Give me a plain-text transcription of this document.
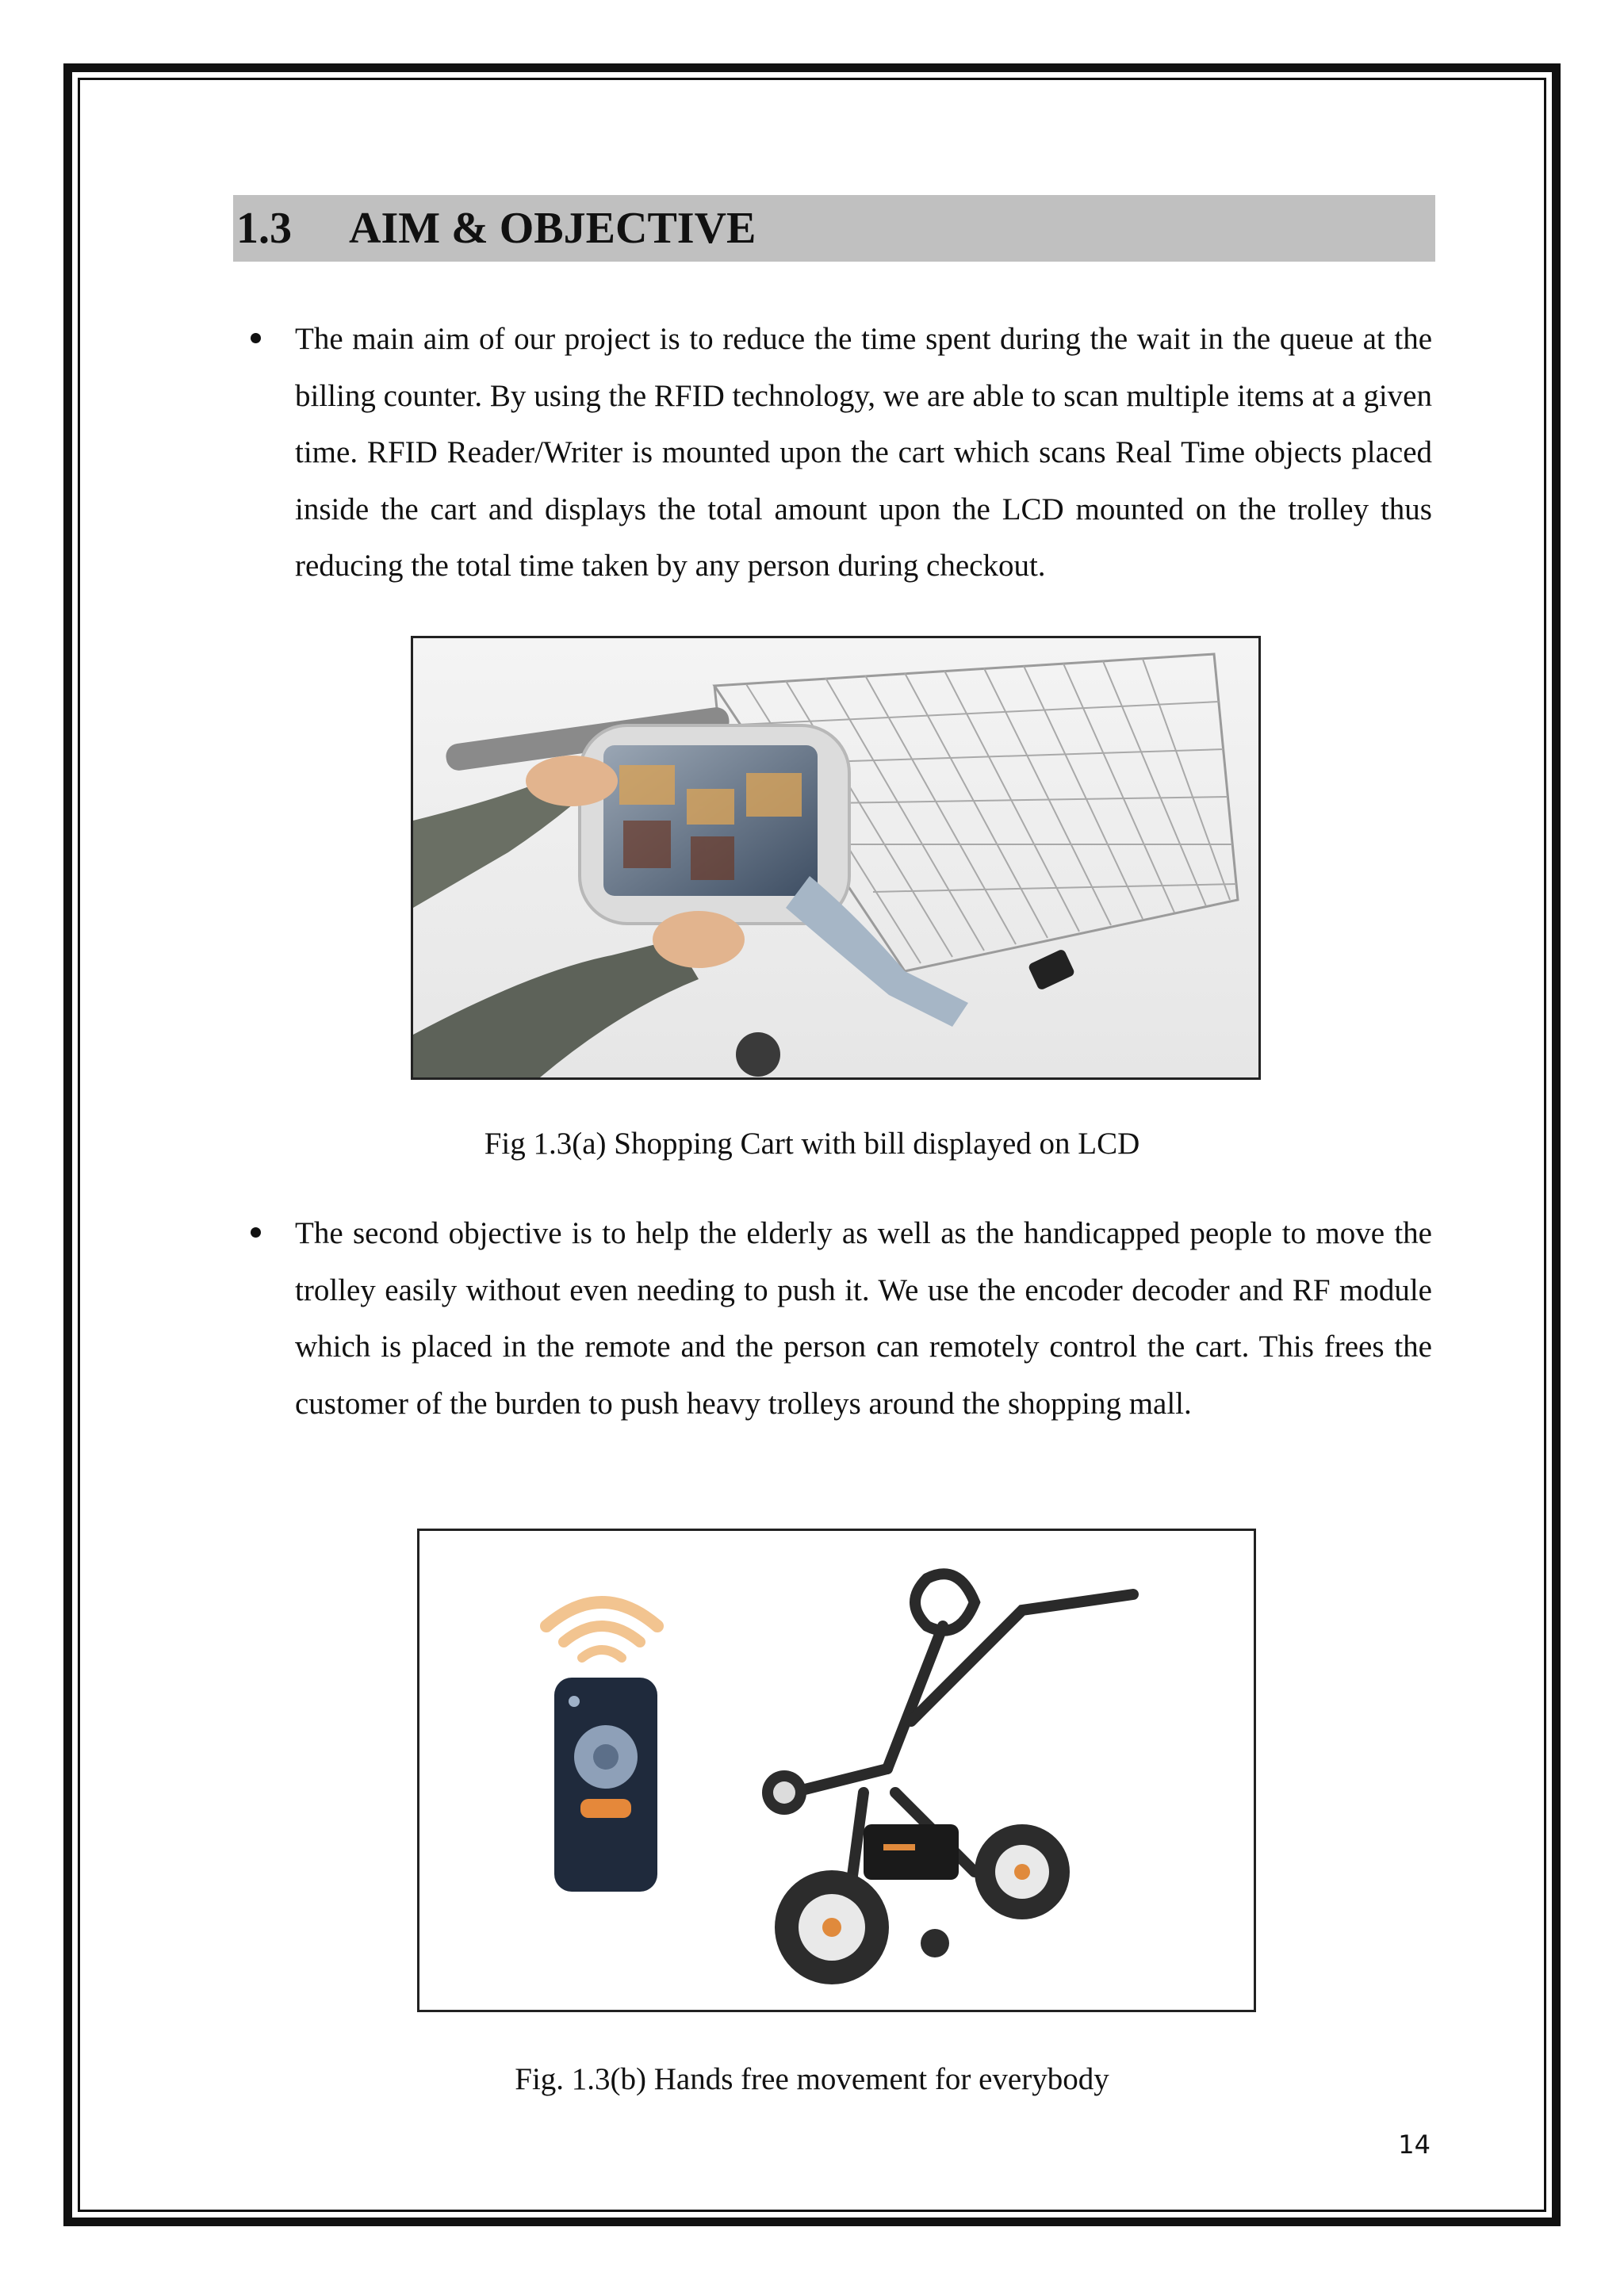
1.3	AIM & OBJECTIVE
The main aim of our project is to reduce the time spent during the wait in the queue at the billing counter. By using the RFID technology, we are able to scan multiple items at a given time. RFID Reader/Writer is mounted upon the cart which scans Real Time objects placed inside the cart and displays the total amount upon the LCD mounted on the trolley thus reducing the total time taken by any person during checkout.
Fig 1.3(a) Shopping Cart with bill displayed on LCD
The second objective is to help the elderly as well as the handicapped people to move the trolley easily without even needing to push it. We use the encoder decoder and RF module which is placed in the remote and the person can remotely control the cart. This frees the customer of the burden to push heavy trolleys around the shopping mall.
Fig. 1.3(b) Hands free movement for everybody
14
